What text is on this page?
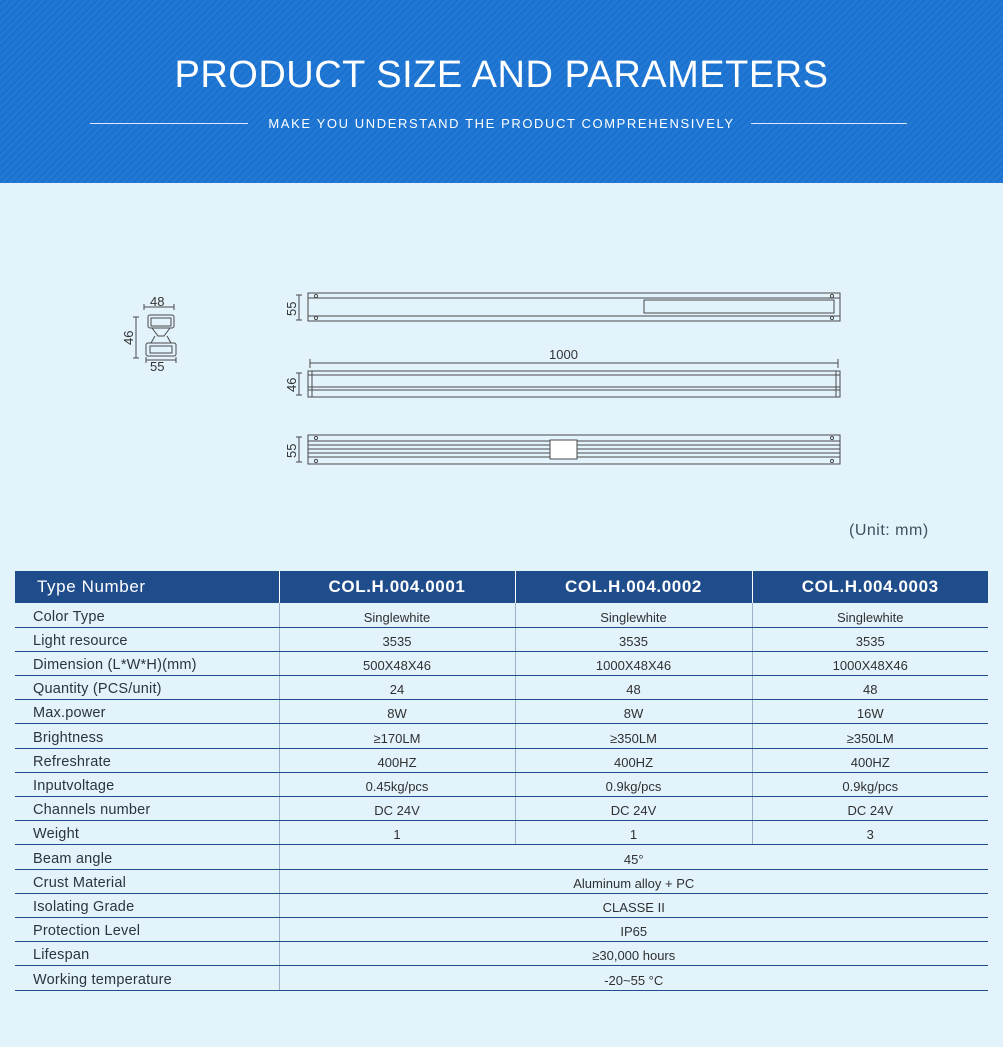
PRODUCT SIZE AND PARAMETERS
MAKE YOU UNDERSTAND THE PRODUCT COMPREHENSIVELY
48
46
55
55
1000
46
55
(Unit: mm)
Type Number	COL.H.004.0001	COL.H.004.0002	COL.H.004.0003
Color Type	Singlewhite	Singlewhite	Singlewhite
Light resource	3535	3535	3535
Dimension (L*W*H)(mm)	500X48X46	1000X48X46	1000X48X46
Quantity (PCS/unit)	24	48	48
Max.power	8W	8W	16W
Brightness	≥170LM	≥350LM	≥350LM
Refreshrate	400HZ	400HZ	400HZ
Inputvoltage	0.45kg/pcs	0.9kg/pcs	0.9kg/pcs
Channels number	DC 24V	DC 24V	DC 24V
Weight	1	1	3
Beam angle	45°		
Crust Material	Aluminum alloy + PC		
Isolating Grade	CLASSE II		
Protection Level	IP65		
Lifespan	≥30,000 hours		
Working temperature	-20~55 °C		
